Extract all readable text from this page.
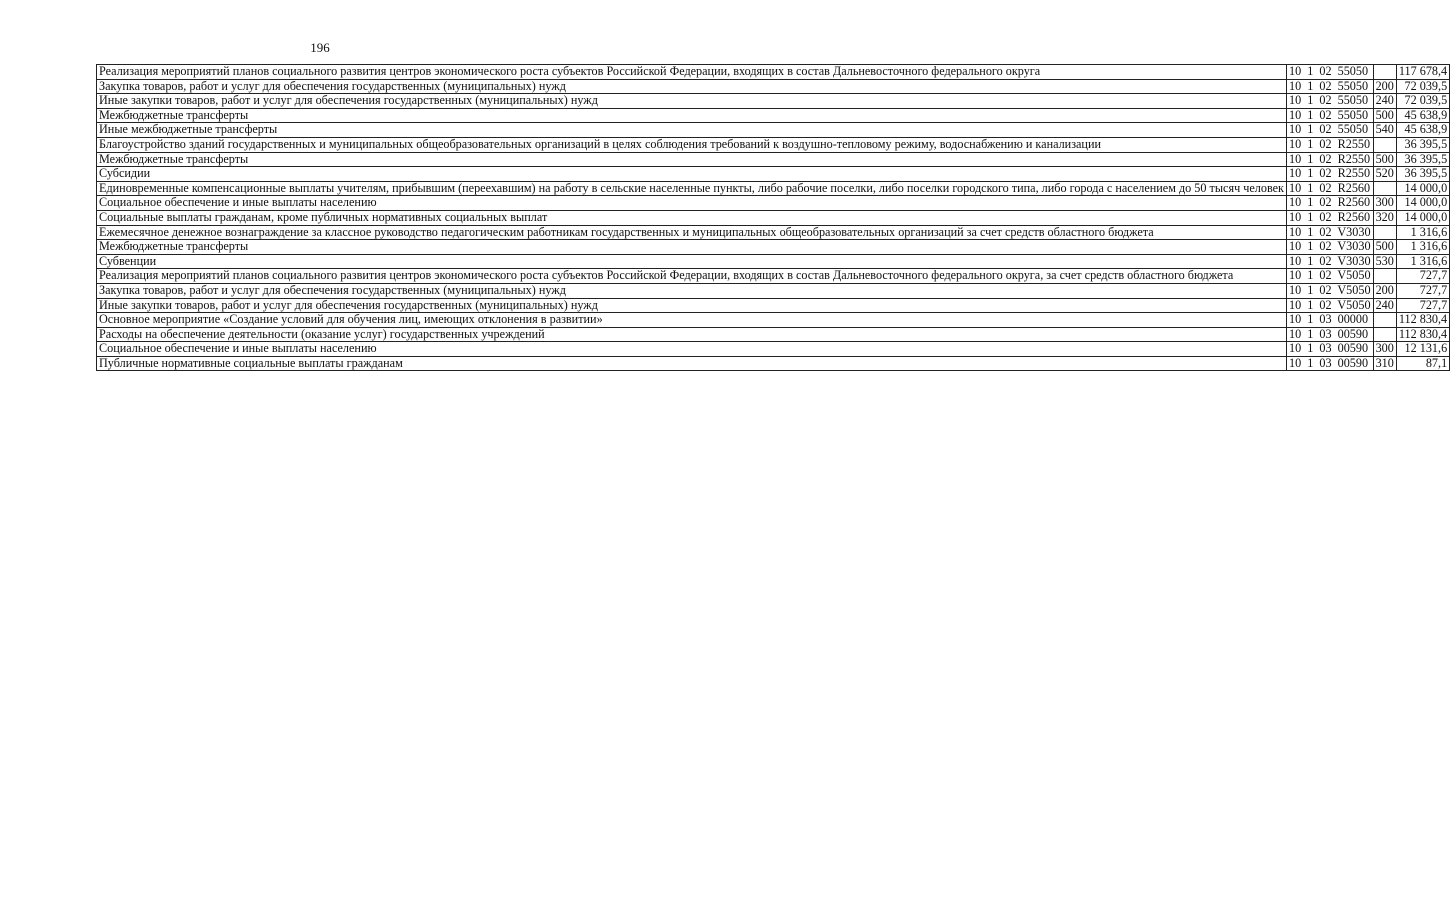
196
Реализация мероприятий планов социального развития центров экономического роста субъектов Российской Федерации, входящих в состав Дальневосточного федерального округа	10 1 02 55050		117 678,4
Закупка товаров, работ и услуг для обеспечения государственных (муниципальных) нужд	10 1 02 55050	200	72 039,5
Иные закупки товаров, работ и услуг для обеспечения государственных (муниципальных) нужд	10 1 02 55050	240	72 039,5
Межбюджетные трансферты	10 1 02 55050	500	45 638,9
Иные межбюджетные трансферты	10 1 02 55050	540	45 638,9
Благоустройство зданий государственных и муниципальных общеобразовательных организаций в целях соблюдения требований к воздушно-тепловому режиму, водоснабжению и канализации	10 1 02 R2550		36 395,5
Межбюджетные трансферты	10 1 02 R2550	500	36 395,5
Субсидии	10 1 02 R2550	520	36 395,5
Единовременные компенсационные выплаты учителям, прибывшим (переехавшим) на работу в сельские населенные пункты, либо рабочие поселки, либо поселки городского типа, либо города с населением до 50 тысяч человек	10 1 02 R2560		14 000,0
Социальное обеспечение и иные выплаты населению	10 1 02 R2560	300	14 000,0
Социальные выплаты гражданам, кроме публичных нормативных социальных выплат	10 1 02 R2560	320	14 000,0
Ежемесячное денежное вознаграждение за классное руководство педагогическим работникам государственных и муниципальных общеобразовательных организаций за счет средств областного бюджета	10 1 02 V3030		1 316,6
Межбюджетные трансферты	10 1 02 V3030	500	1 316,6
Субвенции	10 1 02 V3030	530	1 316,6
Реализация мероприятий планов социального развития центров экономического роста субъектов Российской Федерации, входящих в состав Дальневосточного федерального округа, за счет средств областного бюджета	10 1 02 V5050		727,7
Закупка товаров, работ и услуг для обеспечения государственных (муниципальных) нужд	10 1 02 V5050	200	727,7
Иные закупки товаров, работ и услуг для обеспечения государственных (муниципальных) нужд	10 1 02 V5050	240	727,7
Основное мероприятие «Создание условий для обучения лиц, имеющих отклонения в развитии»	10 1 03 00000		112 830,4
Расходы на обеспечение деятельности (оказание услуг) государственных учреждений	10 1 03 00590		112 830,4
Социальное обеспечение и иные выплаты населению	10 1 03 00590	300	12 131,6
Публичные нормативные социальные выплаты гражданам	10 1 03 00590	310	87,1
